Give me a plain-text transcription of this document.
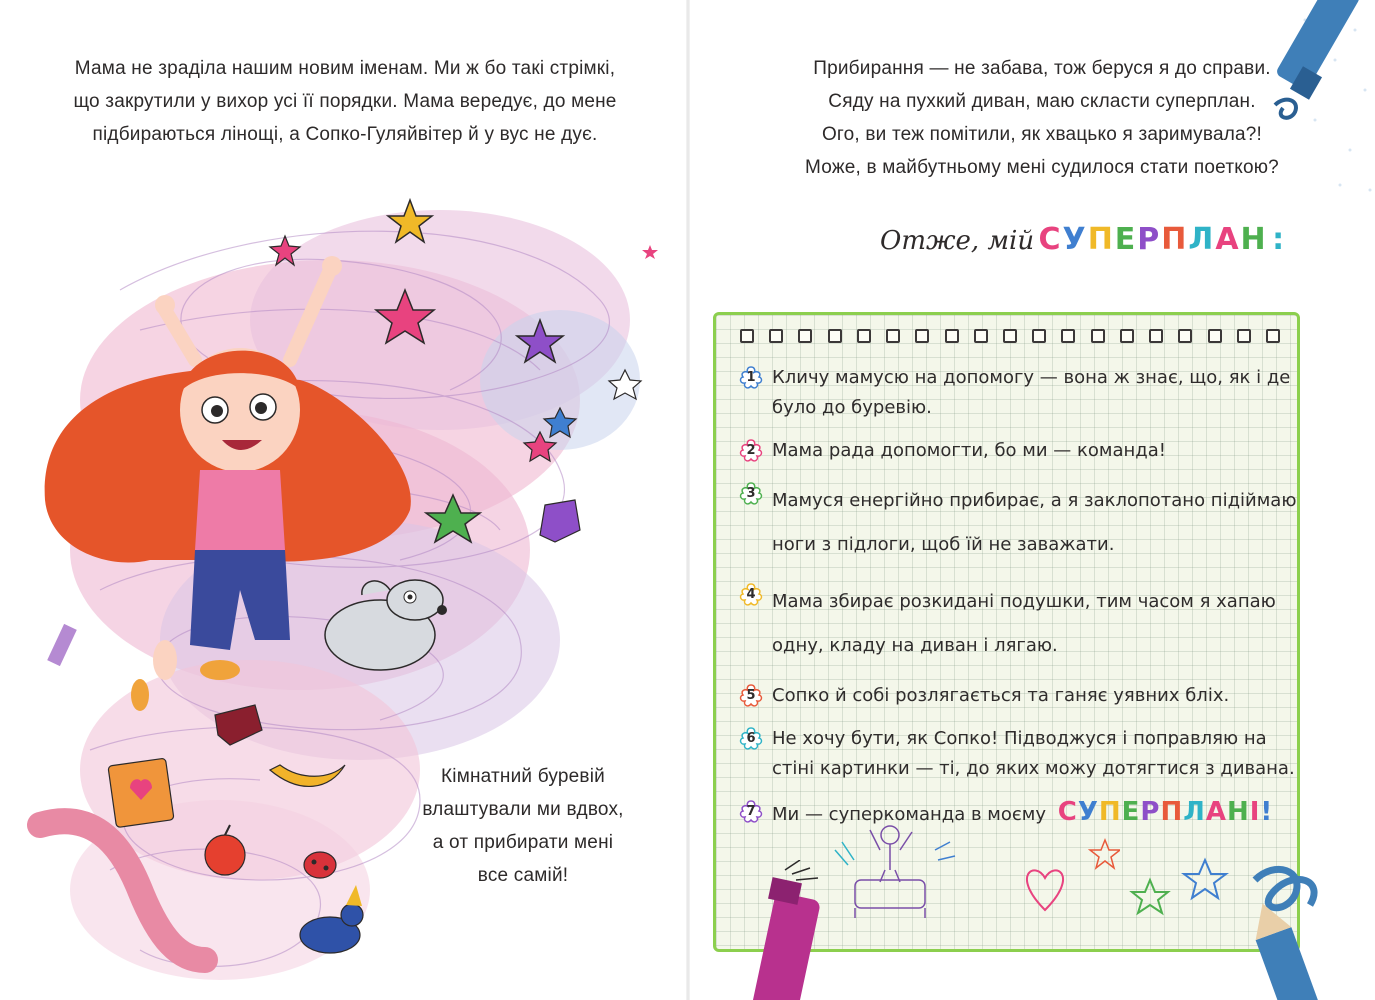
Мама не зраділа нашим новим іменам. Ми ж бо такі стрімкі,
що закрутили у вихор усі її порядки. Мама вередує, до мене
підбираються лінощі, а Сопко-Гуляйвітер й у вус не дує.
Кімнатний буревій
влаштували ми вдвох,
а от прибирати мені
все самій!
Прибирання — не забава, тож беруся я до справи.
Сяду на пухкий диван, маю скласти суперплан.
Ого, ви теж помітили, як хвацько я заримувала?!
Може, в майбутньому мені судилося стати поеткою?
Отже, мій СУПЕРПЛАН :
1 Кличу мамусю на допомогу — вона ж знає, що, як і де було до буревію.
2 Мама рада допомогти, бо ми — команда!
3 Мамуся енергійно прибирає, а я заклопотано підіймаю ноги з підлоги, щоб їй не заважати.
4 Мама збирає розкидані подушки, тим часом я хапаю одну, кладу на диван і лягаю.
5 Сопко й собі розлягається та ганяє уявних бліх.
6 Не хочу бути, як Сопко! Підводжуся і поправляю на стіні картинки — ті, до яких можу дотягтися з дивана.
7 Ми — суперкоманда в моєму СУПЕРПЛАНІ!
